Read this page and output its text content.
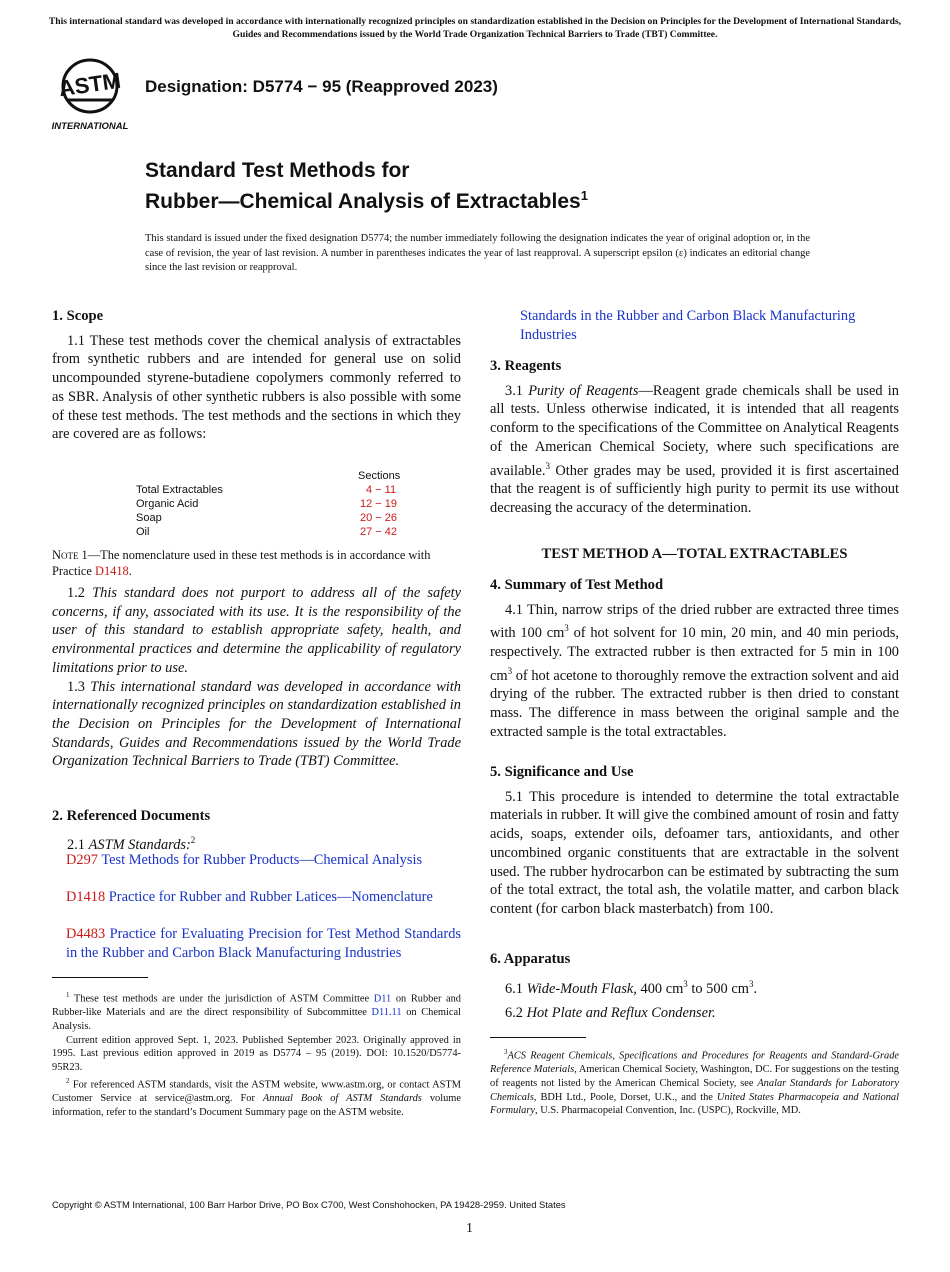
This international standard was developed in accordance with internationally recognized principles on standardization established in the Decision on Principles for the Development of International Standards, Guides and Recommendations issued by the World Trade Organization Technical Barriers to Trade (TBT) Committee.
ASTM
INTERNATIONAL
Designation: D5774 − 95 (Reapproved 2023)
Standard Test Methods for
Rubber—Chemical Analysis of Extractables$^1$
This standard is issued under the fixed designation D5774; the number immediately following the designation indicates the year of original adoption or, in the case of revision, the year of last revision. A number in parentheses indicates the year of last reapproval. A superscript epsilon (ε) indicates an editorial change since the last revision or reapproval.
1. Scope

1.1 These test methods cover the chemical analysis of extractables from synthetic rubbers and are intended for general use on solid uncompounded styrene-butadiene copolymers commonly referred to as SBR. Analysis of other synthetic rubbers is also possible with some of these test methods. The test methods and the sections in which they are covered are as follows:

Sections
Total Extractables	4 − 11
Organic Acid	12 − 19
Soap	20 − 26
Oil	27 − 42
Note 1—The nomenclature used in these test methods is in accordance with Practice D1418.

1.2 This standard does not purport to address all of the safety concerns, if any, associated with its use. It is the responsibility of the user of this standard to establish appropriate safety, health, and environmental practices and determine the applicability of regulatory limitations prior to use.

1.3 This international standard was developed in accordance with internationally recognized principles on standardization established in the Decision on Principles for the Development of International Standards, Guides and Recommendations issued by the World Trade Organization Technical Barriers to Trade (TBT) Committee.

2. Referenced Documents

2.1 ASTM Standards:$^2$

D297 Test Methods for Rubber Products—Chemical Analysis
D1418 Practice for Rubber and Rubber Latices—Nomenclature
D4483 Practice for Evaluating Precision for Test Method Standards in the Rubber and Carbon Black Manufacturing Industries

$^1$ These test methods are under the jurisdiction of ASTM Committee D11 on Rubber and Rubber-like Materials and are the direct responsibility of Subcommittee D11.11 on Chemical Analysis.

Current edition approved Sept. 1, 2023. Published September 2023. Originally approved in 1995. Last previous edition approved in 2019 as D5774 – 95 (2019). DOI: 10.1520/D5774-95R23.

$^2$ For referenced ASTM standards, visit the ASTM website, www.astm.org, or contact ASTM Customer Service at service@astm.org. For Annual Book of ASTM Standards volume information, refer to the standard’s Document Summary page on the ASTM website.

Standards in the Rubber and Carbon Black Manufacturing Industries
3. Reagents

3.1 Purity of Reagents—Reagent grade chemicals shall be used in all tests. Unless otherwise indicated, it is intended that all reagents conform to the specifications of the Committee on Analytical Reagents of the American Chemical Society, where such specifications are available.$^3$ Other grades may be used, provided it is first ascertained that the reagent is of sufficiently high purity to permit its use without decreasing the accuracy of the determination.

TEST METHOD A—TOTAL EXTRACTABLES
4. Summary of Test Method

4.1 Thin, narrow strips of the dried rubber are extracted three times with 100 $cm^3$ of hot solvent for 10 min, 20 min, and 40 min periods, respectively. The extracted rubber is then extracted for 5 min in 100 $cm^3$ of hot acetone to thoroughly remove the extraction solvent and aid drying of the rubber. The extracted rubber is then dried to constant mass. The difference in mass between the original sample and the extracted sample is the total extractables.

5. Significance and Use

5.1 This procedure is intended to determine the total extractable materials in rubber. It will give the combined amount of rosin and fatty acids, soaps, extender oils, defoamer tars, antioxidants, and other uncombined organic constituents that are extractable in the solvent used. The rubber hydrocarbon can be estimated by subtracting the sum of the total extract, the total ash, the volatile matter, and carbon black content (for carbon black masterbatch) from 100.

6. Apparatus

6.1 Wide-Mouth Flask, 400 $cm^3$ to 500 $cm^3$.

6.2 Hot Plate and Reflux Condenser.

$^3$ACS Reagent Chemicals, Specifications and Procedures for Reagents and Standard-Grade Reference Materials, American Chemical Society, Washington, DC. For suggestions on the testing of reagents not listed by the American Chemical Society, see Analar Standards for Laboratory Chemicals, BDH Ltd., Poole, Dorset, U.K., and the United States Pharmacopeia and National Formulary, U.S. Pharmacopeial Convention, Inc. (USPC), Rockville, MD.

Copyright © ASTM International, 100 Barr Harbor Drive, PO Box C700, West Conshohocken, PA 19428-2959. United States
1
